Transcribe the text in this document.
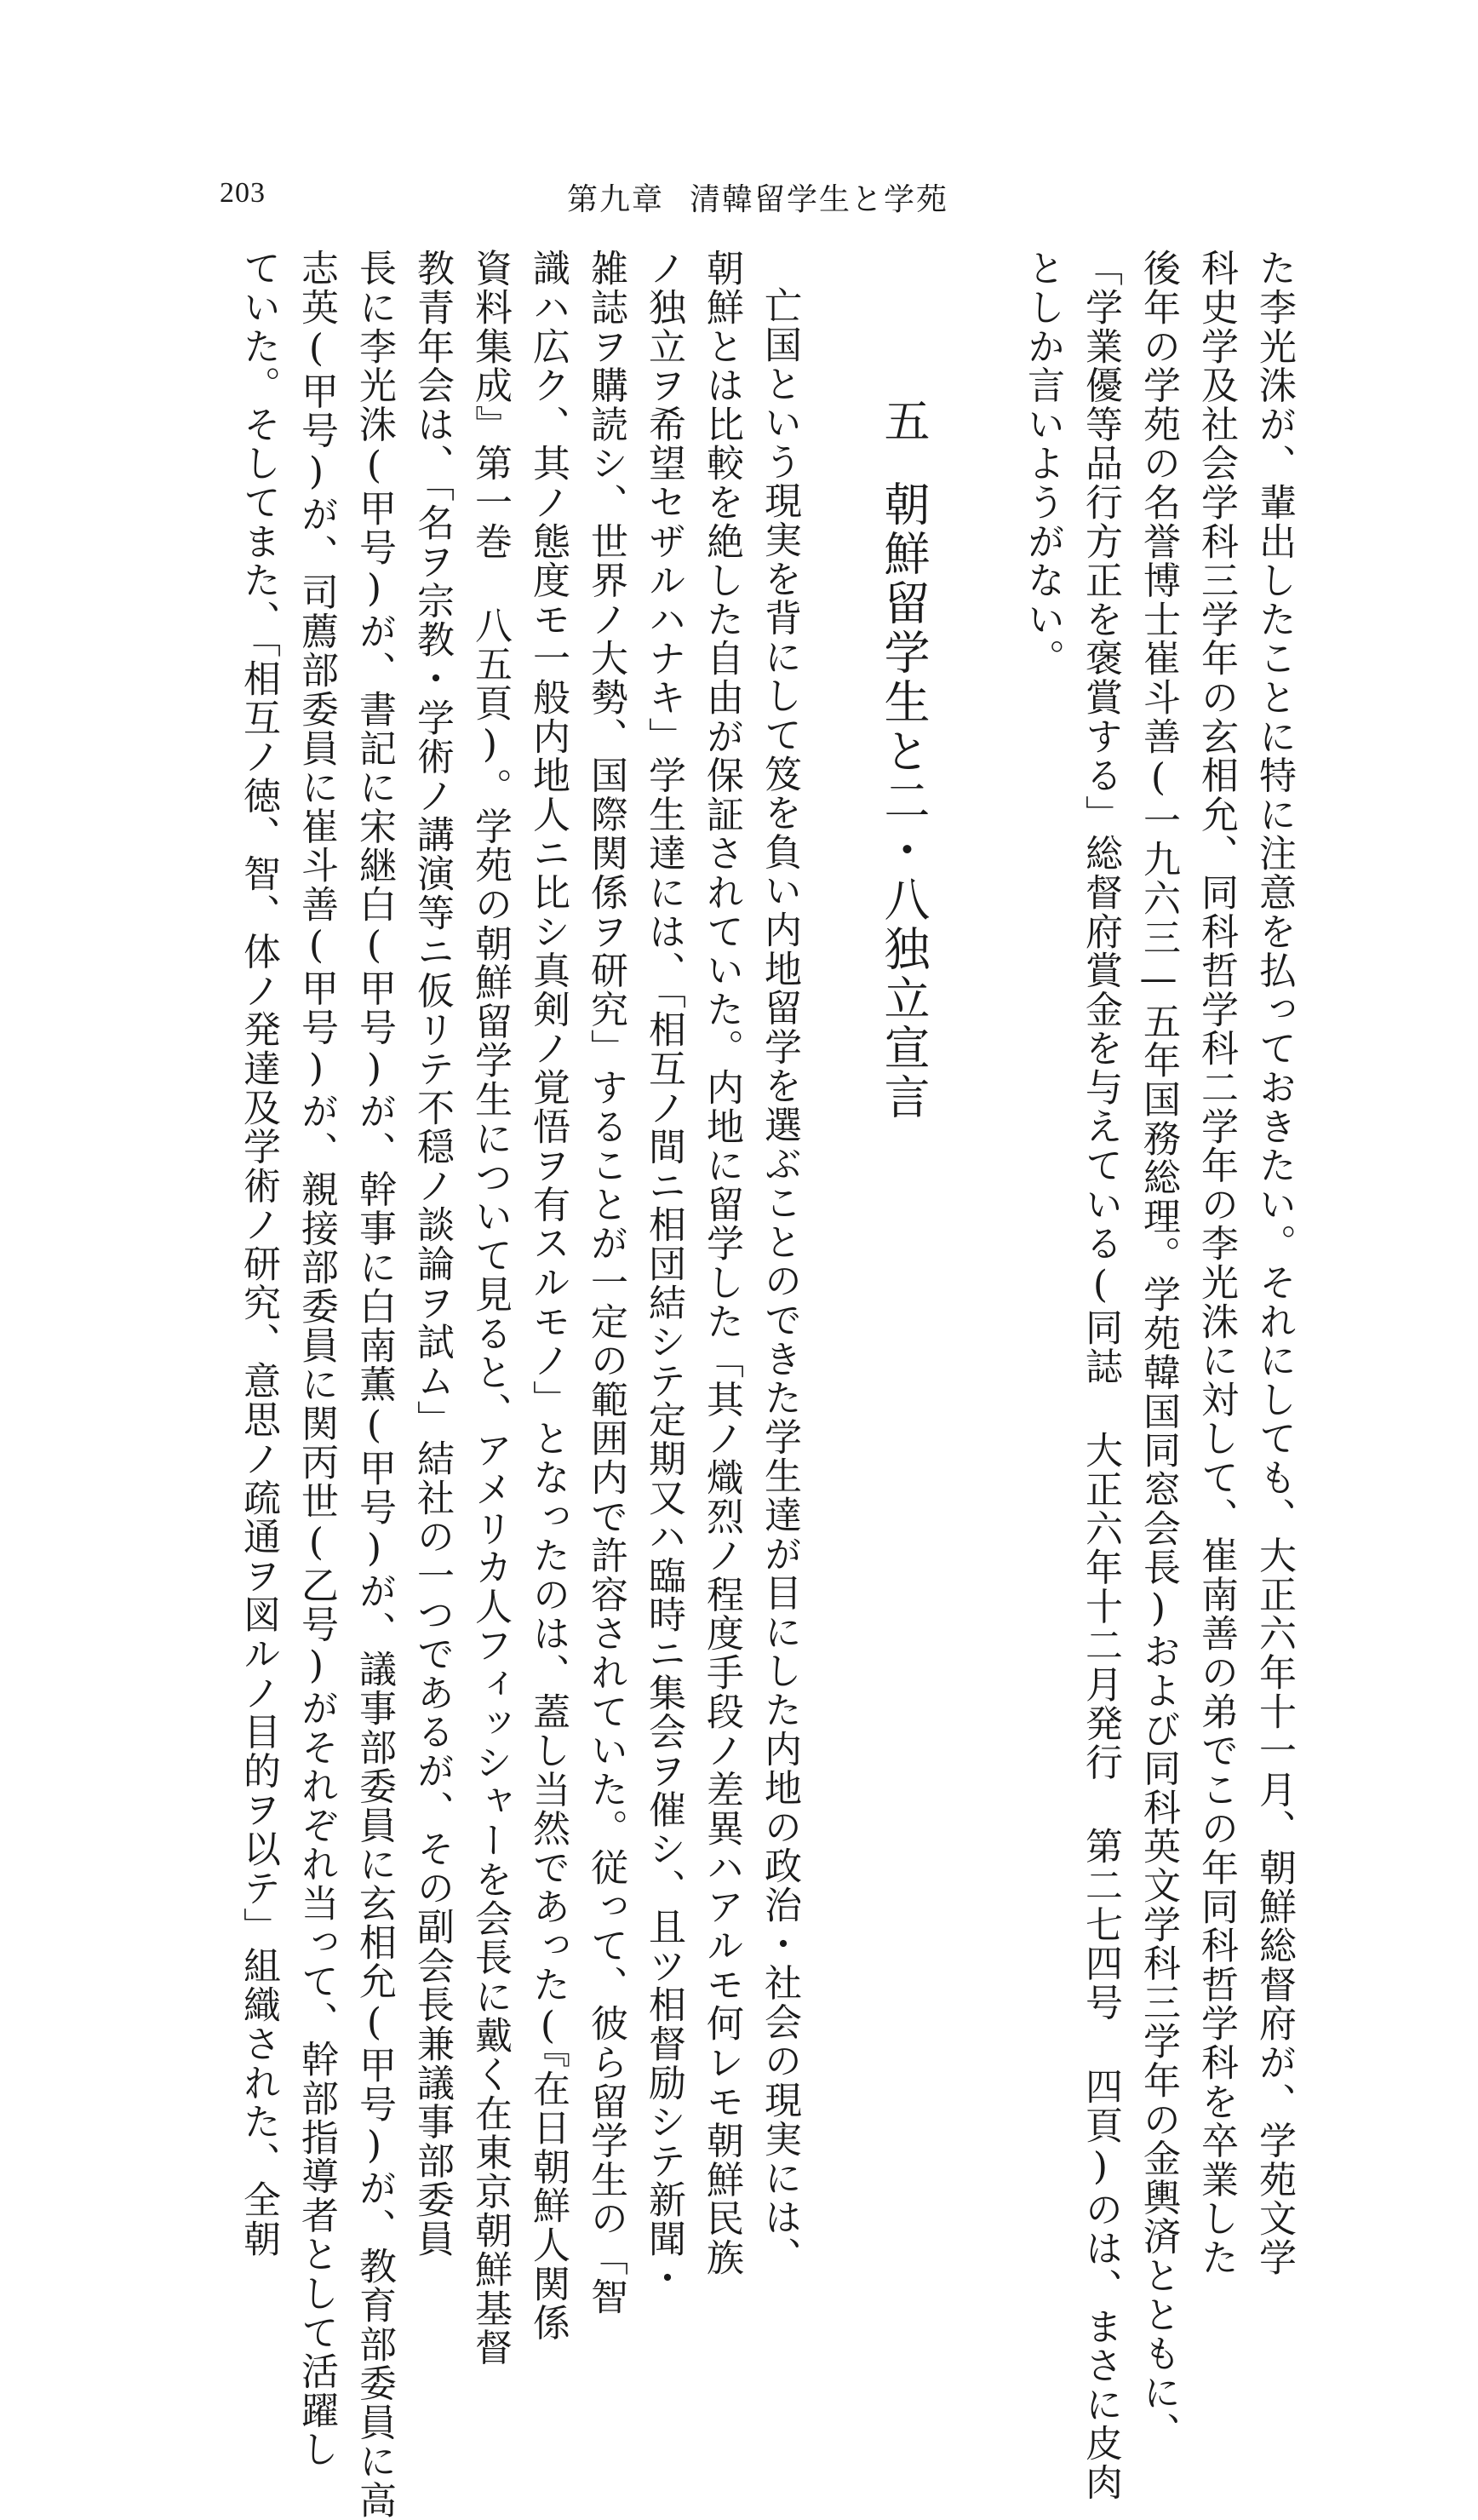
203	第九章 清韓留学生と学苑
た李光洙が、輩出したことに特に注意を払っておきたい。それにしても、大正六年十一月、朝鮮総督府が、学苑文学
科史学及社会学科三学年の玄相允、同科哲学科二学年の李光洙に対して、崔南善の弟でこの年同科哲学科を卒業した
後年の学苑の名誉博士崔斗善(一九六三—五年国務総理。学苑韓国同窓会長)および同科英文学科三学年の金輿済とともに、
「学業優等品行方正を褒賞する」総督府賞金を与えている(同誌 大正六年十二月発行 第二七四号 四頁)のは、まさに皮肉
としか言いようがない。
五朝鮮留学生と二・八独立宣言
亡国という現実を背にして笈を負い内地留学を選ぶことのできた学生達が目にした内地の政治・社会の現実には、
朝鮮とは比較を絶した自由が保証されていた。内地に留学した「其ノ熾烈ノ程度手段ノ差異ハアルモ何レモ朝鮮民族
ノ独立ヲ希望セザルハナキ」学生達には、「相互ノ間ニ相団結シテ定期又ハ臨時ニ集会ヲ催シ、且ツ相督励シテ新聞・
雑誌ヲ購読シ、世界ノ大勢、国際関係ヲ研究」することが一定の範囲内で許容されていた。従って、彼ら留学生の「智
識ハ広ク、其ノ態度モ一般内地人ニ比シ真剣ノ覚悟ヲ有スルモノ」となったのは、蓋し当然であった(『在日朝鮮人関係
資料集成』第一巻 八五頁)。学苑の朝鮮留学生について見ると、アメリカ人フィッシャーを会長に戴く在東京朝鮮基督
教青年会は、「名ヲ宗教・学術ノ講演等ニ仮リテ不穏ノ談論ヲ試ム」結社の一つであるが、その副会長兼議事部委員
長に李光洙(甲号)が、書記に宋継白(甲号)が、幹事に白南薫(甲号)が、議事部委員に玄相允(甲号)が、教育部委員に高
志英(甲号)が、司薦部委員に崔斗善(甲号)が、親接部委員に関丙世(乙号)がそれぞれ当って、幹部指導者として活躍し
ていた。そしてまた、「相互ノ徳、智、体ノ発達及学術ノ研究、意思ノ疏通ヲ図ルノ目的ヲ以テ」組織された、全朝
